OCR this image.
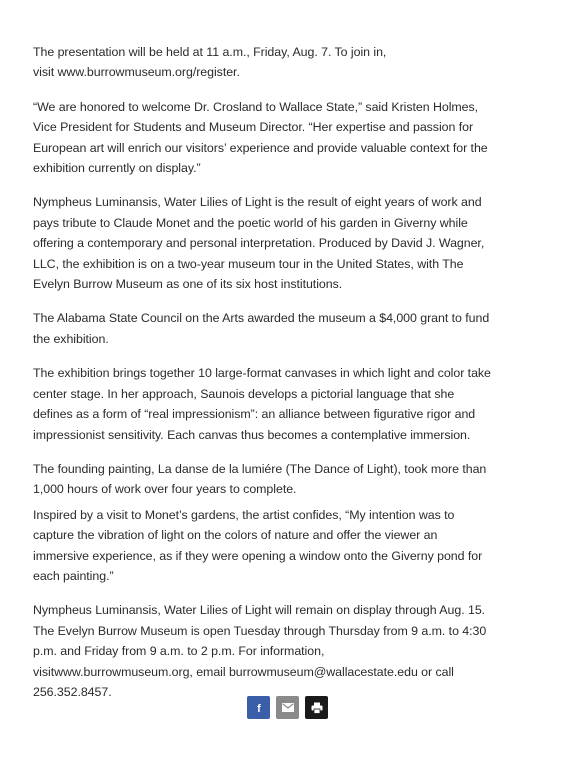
The presentation will be held at 11 a.m., Friday, Aug. 7. To join in,
visit www.burrowmuseum.org/register.

“We are honored to welcome Dr. Crosland to Wallace State,” said Kristen Holmes,
Vice President for Students and Museum Director. “Her expertise and passion for
European art will enrich our visitors’ experience and provide valuable context for the
exhibition currently on display.”

Nympheus Luminansis, Water Lilies of Light is the result of eight years of work and
pays tribute to Claude Monet and the poetic world of his garden in Giverny while
offering a contemporary and personal interpretation. Produced by David J. Wagner,
LLC, the exhibition is on a two-year museum tour in the United States, with The
Evelyn Burrow Museum as one of its six host institutions.

The Alabama State Council on the Arts awarded the museum a $4,000 grant to fund
the exhibition.

The exhibition brings together 10 large-format canvases in which light and color take
center stage. In her approach, Saunois develops a pictorial language that she
defines as a form of “real impressionism”: an alliance between figurative rigor and
impressionist sensitivity. Each canvas thus becomes a contemplative immersion.

The founding painting, La danse de la lumiére (The Dance of Light), took more than
1,000 hours of work over four years to complete.

Inspired by a visit to Monet’s gardens, the artist confides, “My intention was to
capture the vibration of light on the colors of nature and offer the viewer an
immersive experience, as if they were opening a window onto the Giverny pond for
each painting.”

Nympheus Luminansis, Water Lilies of Light will remain on display through Aug. 15.
The Evelyn Burrow Museum is open Tuesday through Thursday from 9 a.m. to 4:30
p.m. and Friday from 9 a.m. to 2 p.m. For information,
visitwww.burrowmuseum.org, email burrowmuseum@wallacestate.edu or call
256.352.8457.

f
